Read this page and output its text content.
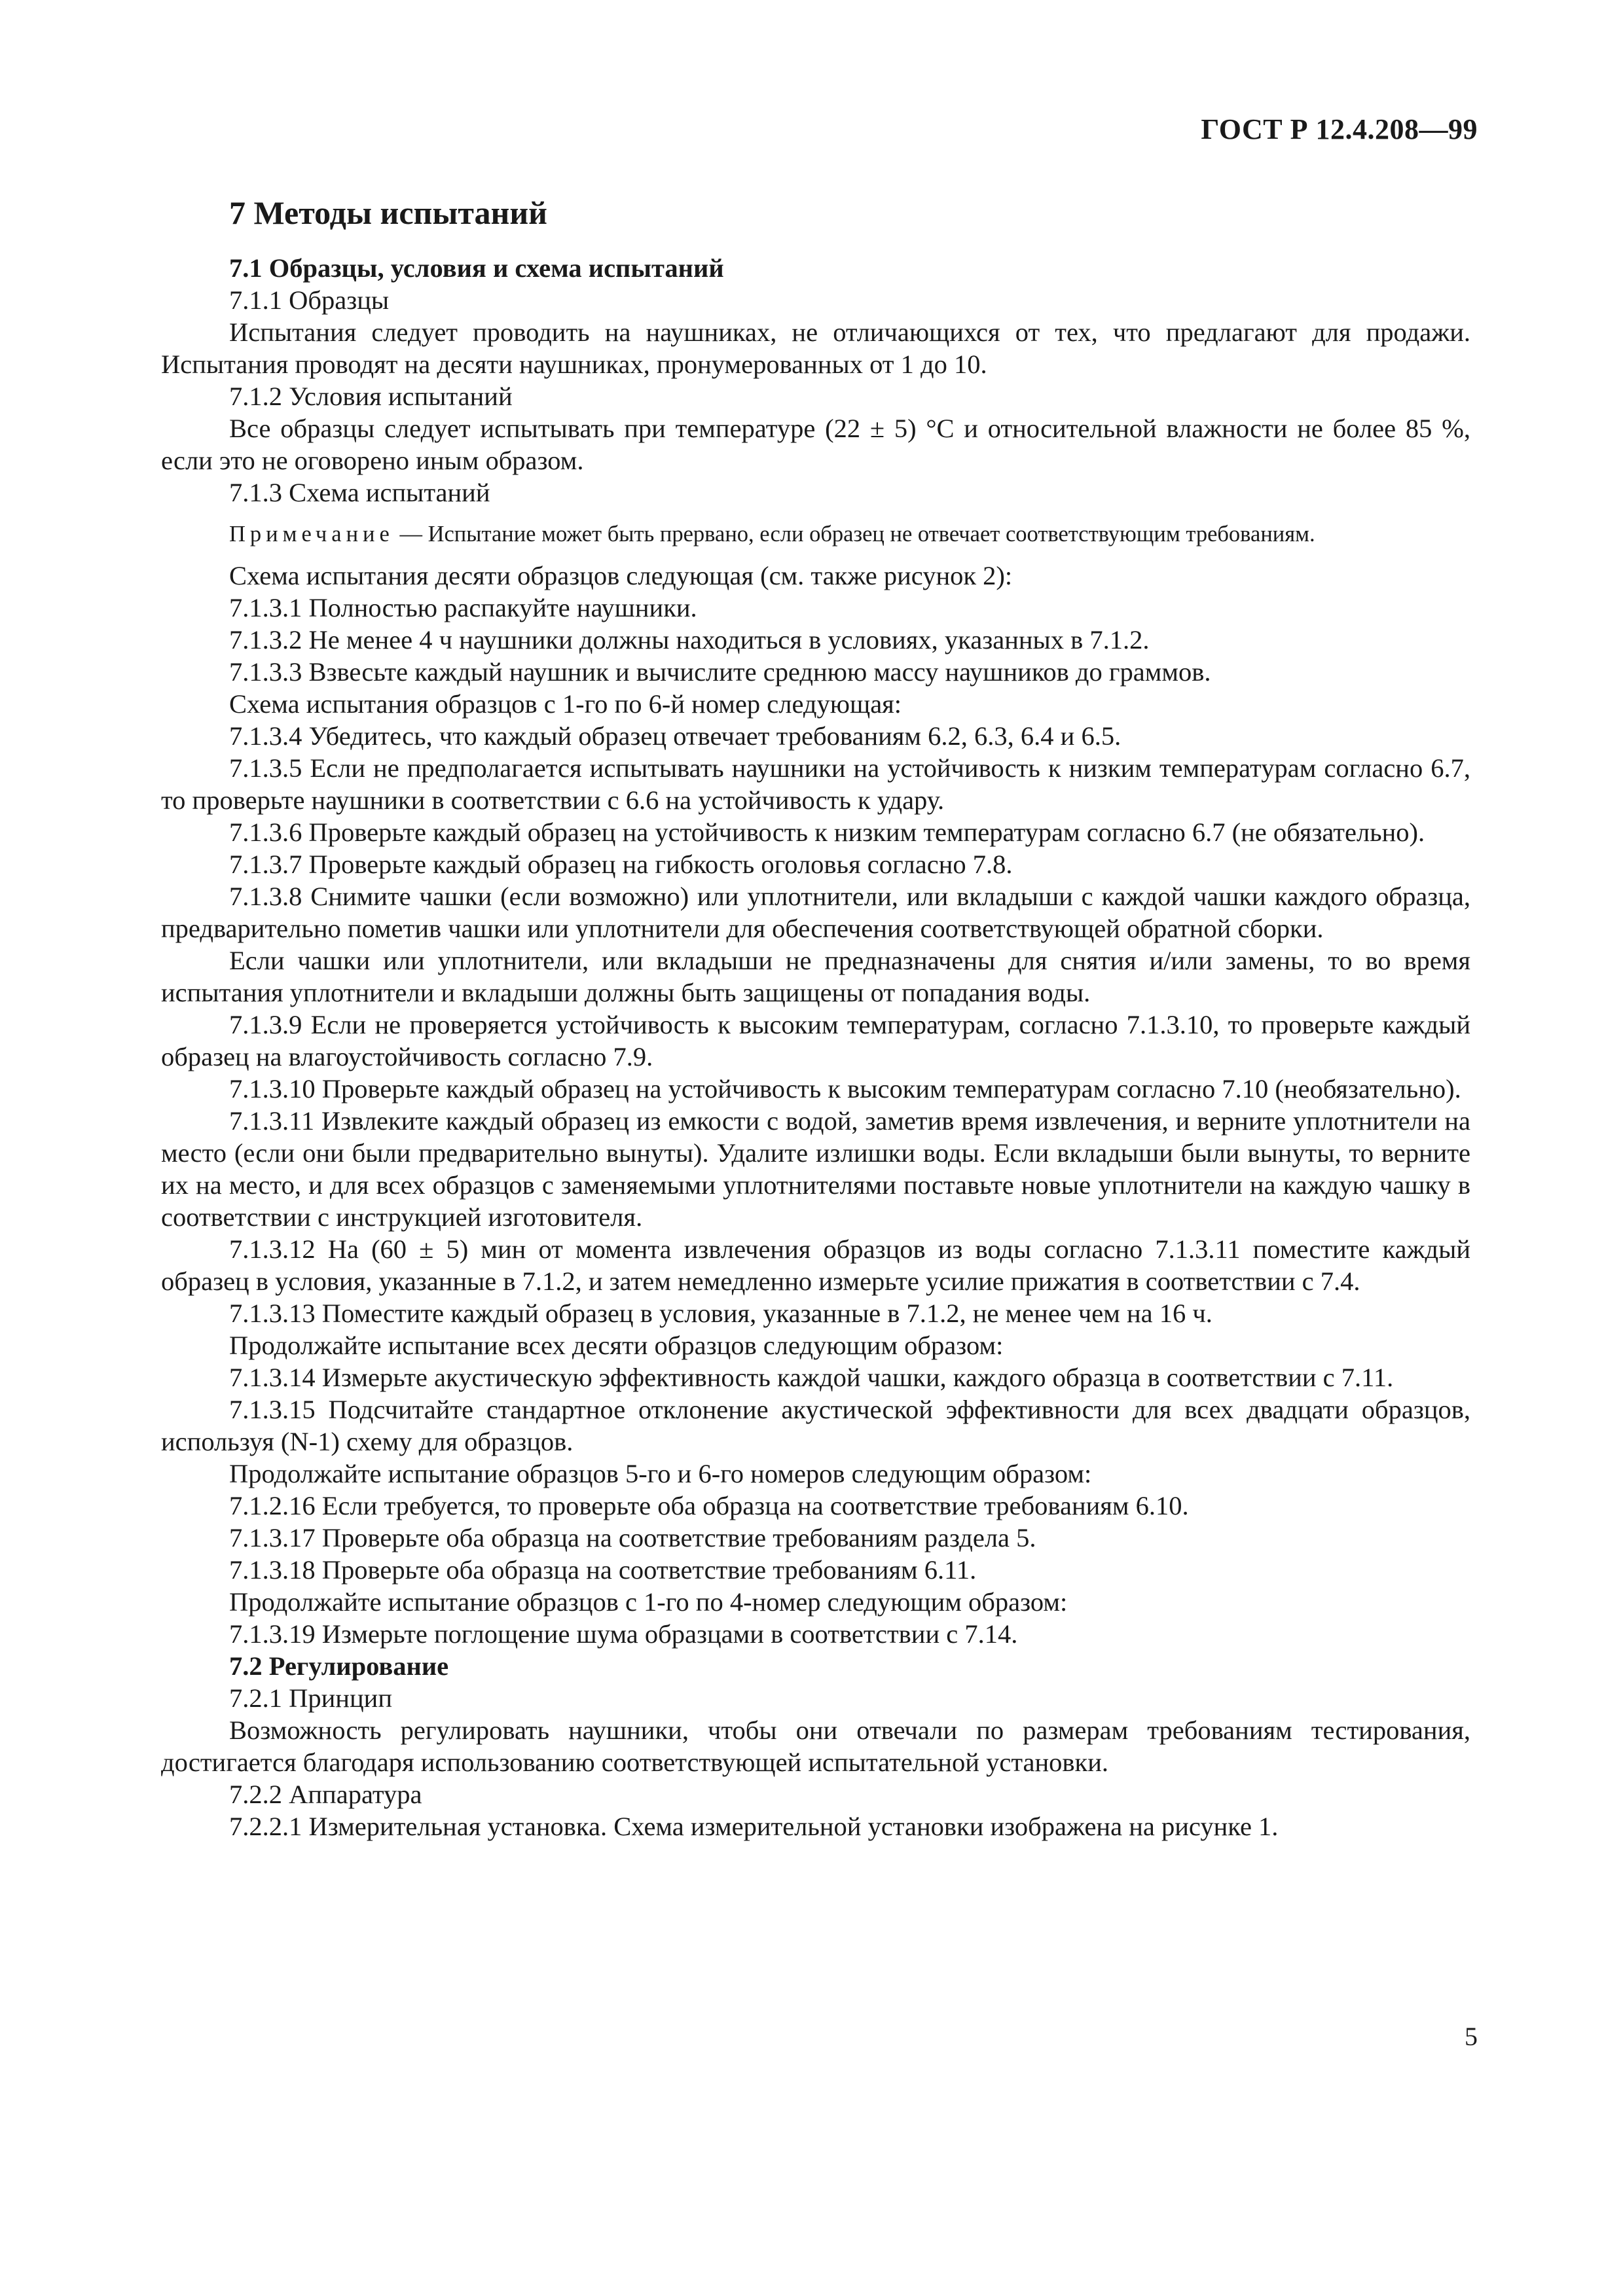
ГОСТ Р 12.4.208—99
7 Методы испытаний

7.1 Образцы, условия и схема испытаний

7.1.1 Образцы

Испытания следует проводить на наушниках, не отличающихся от тех, что предлагают для продажи. Испытания проводят на десяти наушниках, пронумерованных от 1 до 10.

7.1.2 Условия испытаний

Все образцы следует испытывать при температуре (22 ± 5) °С и относительной влажности не более 85 %, если это не оговорено иным образом.

7.1.3 Схема испытаний

Примечание — Испытание может быть прервано, если образец не отвечает соответствующим требованиям.

Схема испытания десяти образцов следующая (см. также рисунок 2):

7.1.3.1 Полностью распакуйте наушники.

7.1.3.2 Не менее 4 ч наушники должны находиться в условиях, указанных в 7.1.2.

7.1.3.3 Взвесьте каждый наушник и вычислите среднюю массу наушников до граммов.

Схема испытания образцов с 1-го по 6-й номер следующая:

7.1.3.4 Убедитесь, что каждый образец отвечает требованиям 6.2, 6.3, 6.4 и 6.5.

7.1.3.5 Если не предполагается испытывать наушники на устойчивость к низким температурам согласно 6.7, то проверьте наушники в соответствии с 6.6 на устойчивость к удару.

7.1.3.6 Проверьте каждый образец на устойчивость к низким температурам согласно 6.7 (не обязательно).

7.1.3.7 Проверьте каждый образец на гибкость оголовья согласно 7.8.

7.1.3.8 Снимите чашки (если возможно) или уплотнители, или вкладыши с каждой чашки каждого образца, предварительно пометив чашки или уплотнители для обеспечения соответствующей обратной сборки.

Если чашки или уплотнители, или вкладыши не предназначены для снятия и/или замены, то во время испытания уплотнители и вкладыши должны быть защищены от попадания воды.

7.1.3.9 Если не проверяется устойчивость к высоким температурам, согласно 7.1.3.10, то проверьте каждый образец на влагоустойчивость согласно 7.9.

7.1.3.10 Проверьте каждый образец на устойчивость к высоким температурам согласно 7.10 (необязательно).

7.1.3.11 Извлеките каждый образец из емкости с водой, заметив время извлечения, и верните уплотнители на место (если они были предварительно вынуты). Удалите излишки воды. Если вкладыши были вынуты, то верните их на место, и для всех образцов с заменяемыми уплотнителями поставьте новые уплотнители на каждую чашку в соответствии с инструкцией изготовителя.

7.1.3.12 На (60 ± 5) мин от момента извлечения образцов из воды согласно 7.1.3.11 поместите каждый образец в условия, указанные в 7.1.2, и затем немедленно измерьте усилие прижатия в соответствии с 7.4.

7.1.3.13 Поместите каждый образец в условия, указанные в 7.1.2, не менее чем на 16 ч.

Продолжайте испытание всех десяти образцов следующим образом:

7.1.3.14 Измерьте акустическую эффективность каждой чашки, каждого образца в соответствии с 7.11.

7.1.3.15 Подсчитайте стандартное отклонение акустической эффективности для всех двадцати образцов, используя (N-1) схему для образцов.

Продолжайте испытание образцов 5-го и 6-го номеров следующим образом:

7.1.2.16 Если требуется, то проверьте оба образца на соответствие требованиям 6.10.

7.1.3.17 Проверьте оба образца на соответствие требованиям раздела 5.

7.1.3.18 Проверьте оба образца на соответствие требованиям 6.11.

Продолжайте испытание образцов с 1-го по 4-номер следующим образом:

7.1.3.19 Измерьте поглощение шума образцами в соответствии с 7.14.

7.2 Регулирование

7.2.1 Принцип

Возможность регулировать наушники, чтобы они отвечали по размерам требованиям тестирования, достигается благодаря использованию соответствующей испытательной установки.

7.2.2 Аппаратура

7.2.2.1 Измерительная установка. Схема измерительной установки изображена на рисунке 1.

5
